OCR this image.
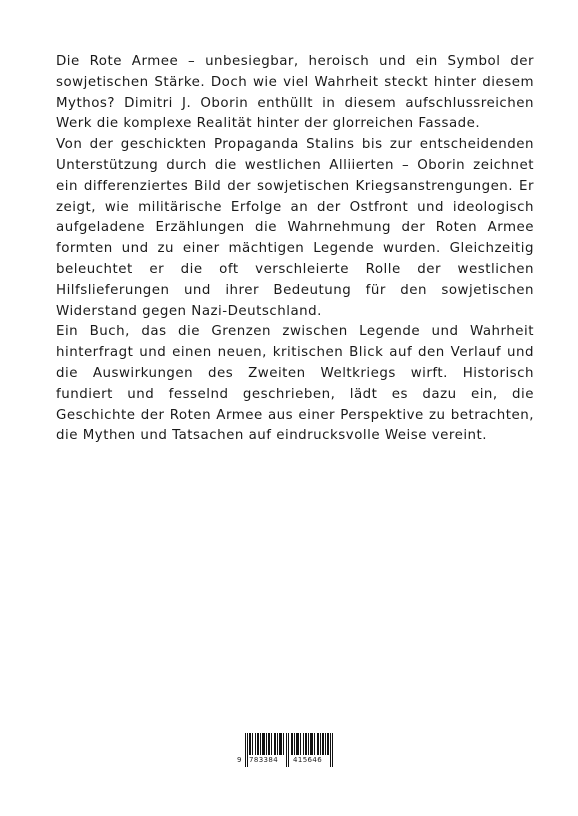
Die Rote Armee – unbesiegbar, heroisch und ein Symbol der sowjetischen Stärke. Doch wie viel Wahrheit steckt hinter diesem Mythos? Dimitri J. Oborin enthüllt in diesem aufschlussreichen Werk die komplexe Realität hinter der glorreichen Fassade.

Von der geschickten Propaganda Stalins bis zur entscheidenden Unterstützung durch die westlichen Alliierten – Oborin zeichnet ein differenziertes Bild der sowjetischen Kriegsanstrengungen. Er zeigt, wie militärische Erfolge an der Ostfront und ideologisch aufgeladene Erzählungen die Wahrnehmung der Roten Armee formten und zu einer mächtigen Legende wurden. Gleichzeitig beleuchtet er die oft verschleierte Rolle der westlichen Hilfslieferungen und ihrer Bedeutung für den sowjetischen Widerstand gegen Nazi-Deutschland.

Ein Buch, das die Grenzen zwischen Legende und Wahrheit hinterfragt und einen neuen, kritischen Blick auf den Verlauf und die Auswirkungen des Zweiten Weltkriegs wirft. Historisch fundiert und fesselnd geschrieben, lädt es dazu ein, die Geschichte der Roten Armee aus einer Perspektive zu betrachten, die Mythen und Tatsachen auf eindrucksvolle Weise vereint.

9 783384 415646
